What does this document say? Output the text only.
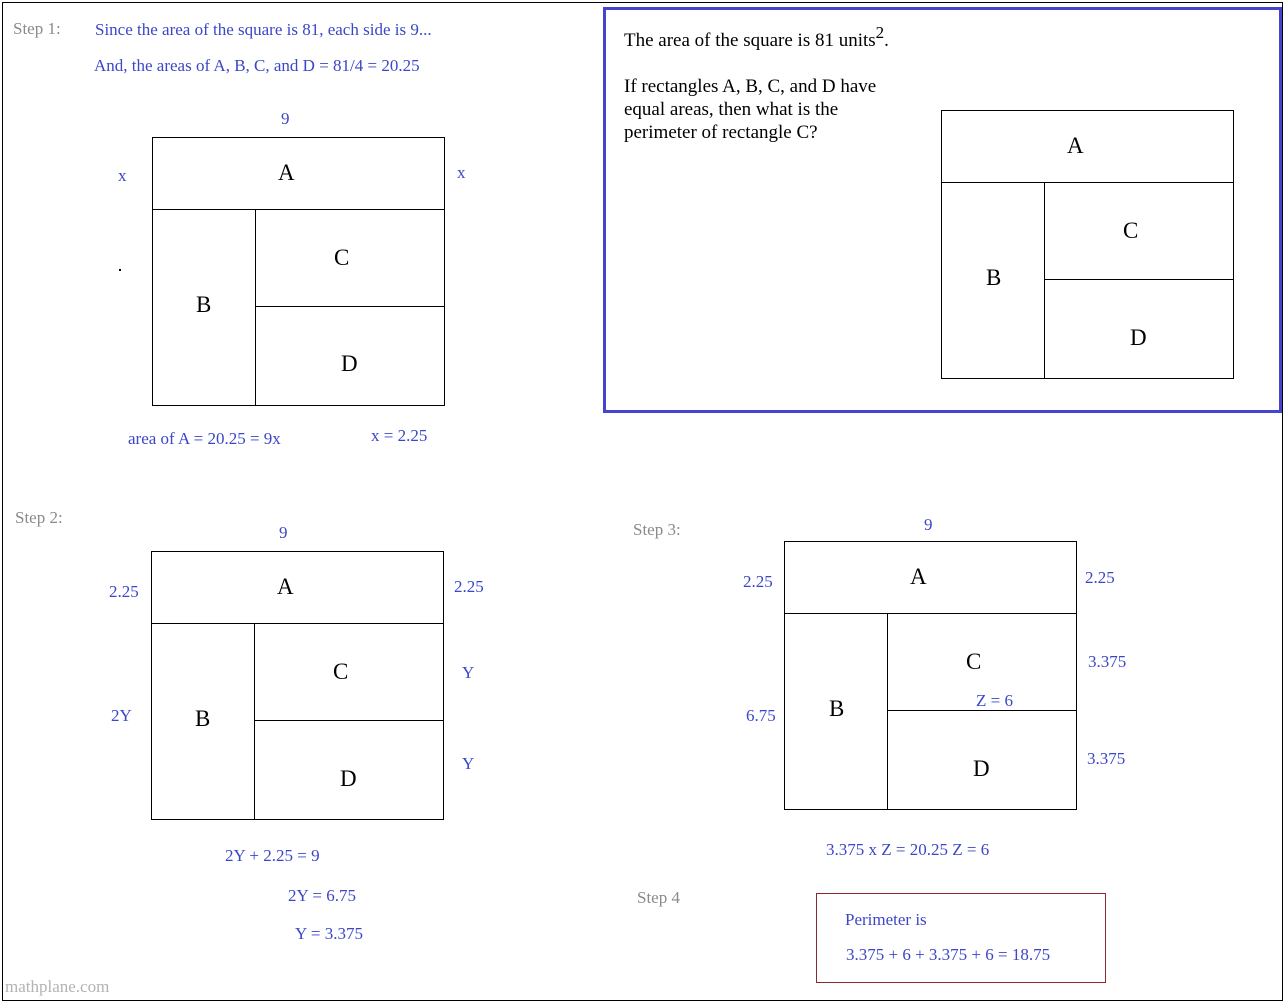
Step 1: Since the area of the square is 81, each side is 9...
And, the areas of A, B, C, and D = 81/4 = 20.25
9
x	x
A
B
C
D
area of A = 20.25 = 9x	x = 2.25
The area of the square is 81 units$^2$.
If rectangles A, B, C, and D have
equal areas, then what is the
perimeter of rectangle C?
A
B
C
D
Step 2:
9
2.25	2.25
2Y
Y
Y
A
B
C
D
2Y + 2.25 = 9
2Y = 6.75
Y = 3.375
Step 3:	9
2.25	2.25
6.75
3.375
3.375
A
B
C
D
Z = 6
3.375 x Z = 20.25 Z = 6
Step 4
Perimeter is
3.375 + 6 + 3.375 + 6 = 18.75
mathplane.com
